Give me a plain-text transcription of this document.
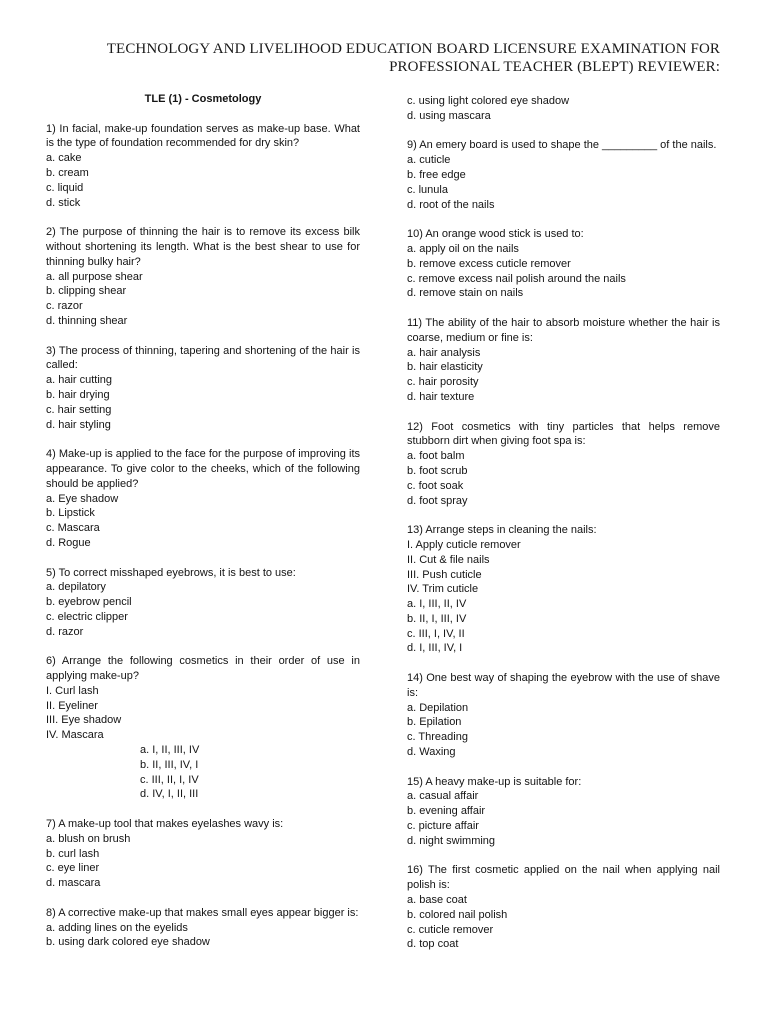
TECHNOLOGY AND LIVELIHOOD EDUCATION BOARD LICENSURE EXAMINATION FOR
PROFESSIONAL TEACHER (BLEPT) REVIEWER:
TLE (1) - Cosmetology
1) In facial, make-up foundation serves as make-up base. What is the type of foundation recommended for dry skin?
a. cake
b. cream
c. liquid
d. stick
2) The purpose of thinning the hair is to remove its excess bilk without shortening its length. What is the best shear to use for thinning bulky hair?
a. all purpose shear
b. clipping shear
c. razor
d. thinning shear
3) The process of thinning, tapering and shortening of the hair is called:
a. hair cutting
b. hair drying
c. hair setting
d. hair styling
4) Make-up is applied to the face for the purpose of improving its appearance. To give color to the cheeks, which of the following should be applied?
a. Eye shadow
b. Lipstick
c. Mascara
d. Rogue
5) To correct misshaped eyebrows, it is best to use:
a. depilatory
b. eyebrow pencil
c. electric clipper
d. razor
6) Arrange the following cosmetics in their order of use in applying make-up?
I. Curl lash
II. Eyeliner
III. Eye shadow
IV. Mascara
a. I, II, III, IV
b. II, III, IV, I
c. III, II, I, IV
d. IV, I, II, III
7) A make-up tool that makes eyelashes wavy is:
a. blush on brush
b. curl lash
c. eye liner
d. mascara
8) A corrective make-up that makes small eyes appear bigger is:
a. adding lines on the eyelids
b. using dark colored eye shadow
c. using light colored eye shadow
d. using mascara
9) An emery board is used to shape the _________ of the nails.
a. cuticle
b. free edge
c. lunula
d. root of the nails
10) An orange wood stick is used to:
a. apply oil on the nails
b. remove excess cuticle remover
c. remove excess nail polish around the nails
d. remove stain on nails
11) The ability of the hair to absorb moisture whether the hair is coarse, medium or fine is:
a. hair analysis
b. hair elasticity
c. hair porosity
d. hair texture
12) Foot cosmetics with tiny particles that helps remove stubborn dirt when giving foot spa is:
a. foot balm
b. foot scrub
c. foot soak
d. foot spray
13) Arrange steps in cleaning the nails:
I. Apply cuticle remover
II. Cut & file nails
III. Push cuticle
IV. Trim cuticle
a. I, III, II, IV
b. II, I, III, IV
c. III, I, IV, II
d. I, III, IV, I
14) One best way of shaping the eyebrow with the use of shave is:
a. Depilation
b. Epilation
c. Threading
d. Waxing
15) A heavy make-up is suitable for:
a. casual affair
b. evening affair
c. picture affair
d. night swimming
16) The first cosmetic applied on the nail when applying nail polish is:
a. base coat
b. colored nail polish
c. cuticle remover
d. top coat
